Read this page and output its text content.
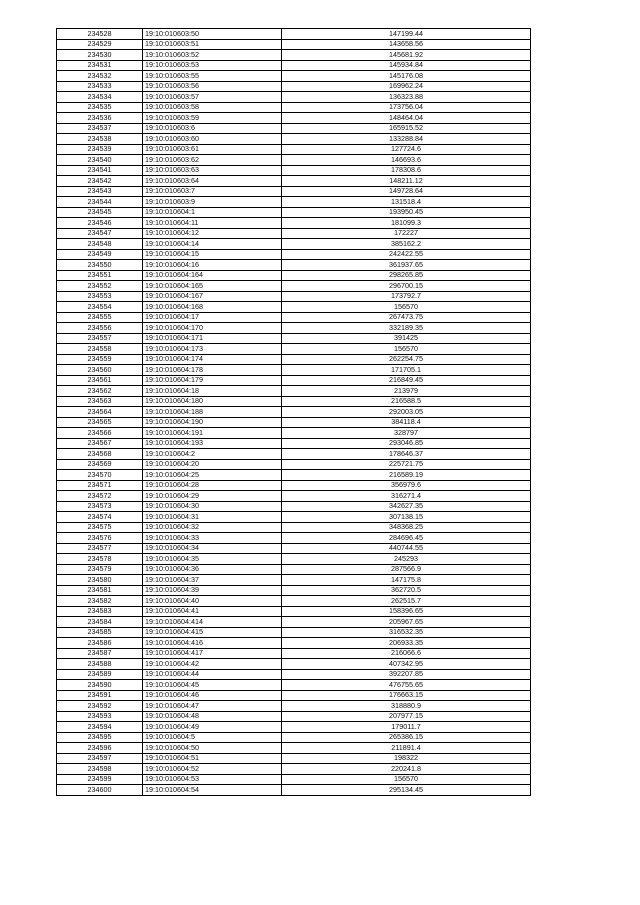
234528	19:10:010603:50	147199.44
234529	19:10:010603:51	143658.56
234530	19:10:010603:52	145681.92
234531	19:10:010603:53	145934.84
234532	19:10:010603:55	145176.08
234533	19:10:010603:56	169962.24
234534	19:10:010603:57	136323.88
234535	19:10:010603:58	173756.04
234536	19:10:010603:59	148464.04
234537	19:10:010603:6	165915.52
234538	19:10:010603:60	133288.84
234539	19:10:010603:61	127724.6
234540	19:10:010603:62	146693.6
234541	19:10:010603:63	178308.6
234542	19:10:010603:64	148211.12
234543	19:10:010603:7	149728.64
234544	19:10:010603:9	131518.4
234545	19:10:010604:1	193950.45
234546	19:10:010604:11	181099.3
234547	19:10:010604:12	172227
234548	19:10:010604:14	385162.2
234549	19:10:010604:15	242422.55
234550	19:10:010604:16	361937.65
234551	19:10:010604:164	298265.85
234552	19:10:010604:165	296700.15
234553	19:10:010604:167	173792.7
234554	19:10:010604:168	156570
234555	19:10:010604:17	267473.75
234556	19:10:010604:170	332189.35
234557	19:10:010604:171	391425
234558	19:10:010604:173	156570
234559	19:10:010604:174	262254.75
234560	19:10:010604:178	171705.1
234561	19:10:010604:179	216849.45
234562	19:10:010604:18	213979
234563	19:10:010604:180	216588.5
234564	19:10:010604:188	292003.05
234565	19:10:010604:190	384118.4
234566	19:10:010604:191	328797
234567	19:10:010604:193	293046.85
234568	19:10:010604:2	178646.37
234569	19:10:010604:20	225721.75
234570	19:10:010604:25	216589.19
234571	19:10:010604:28	356979.6
234572	19:10:010604:29	316271.4
234573	19:10:010604:30	342627.35
234574	19:10:010604:31	307138.15
234575	19:10:010604:32	348368.25
234576	19:10:010604:33	284696.45
234577	19:10:010604:34	440744.55
234578	19:10:010604:35	245293
234579	19:10:010604:36	287566.9
234580	19:10:010604:37	147175.8
234581	19:10:010604:39	362720.5
234582	19:10:010604:40	262515.7
234583	19:10:010604:41	158396.65
234584	19:10:010604:414	205967.65
234585	19:10:010604:415	316532.35
234586	19:10:010604:416	206933.35
234587	19:10:010604:417	216066.6
234588	19:10:010604:42	407342.95
234589	19:10:010604:44	392207.85
234590	19:10:010604:45	476755.65
234591	19:10:010604:46	176663.15
234592	19:10:010604:47	318880.9
234593	19:10:010604:48	207977.15
234594	19:10:010604:49	179011.7
234595	19:10:010604:5	265386.15
234596	19:10:010604:50	211891.4
234597	19:10:010604:51	198322
234598	19:10:010604:52	220241.8
234599	19:10:010604:53	156570
234600	19:10:010604:54	295134.45
